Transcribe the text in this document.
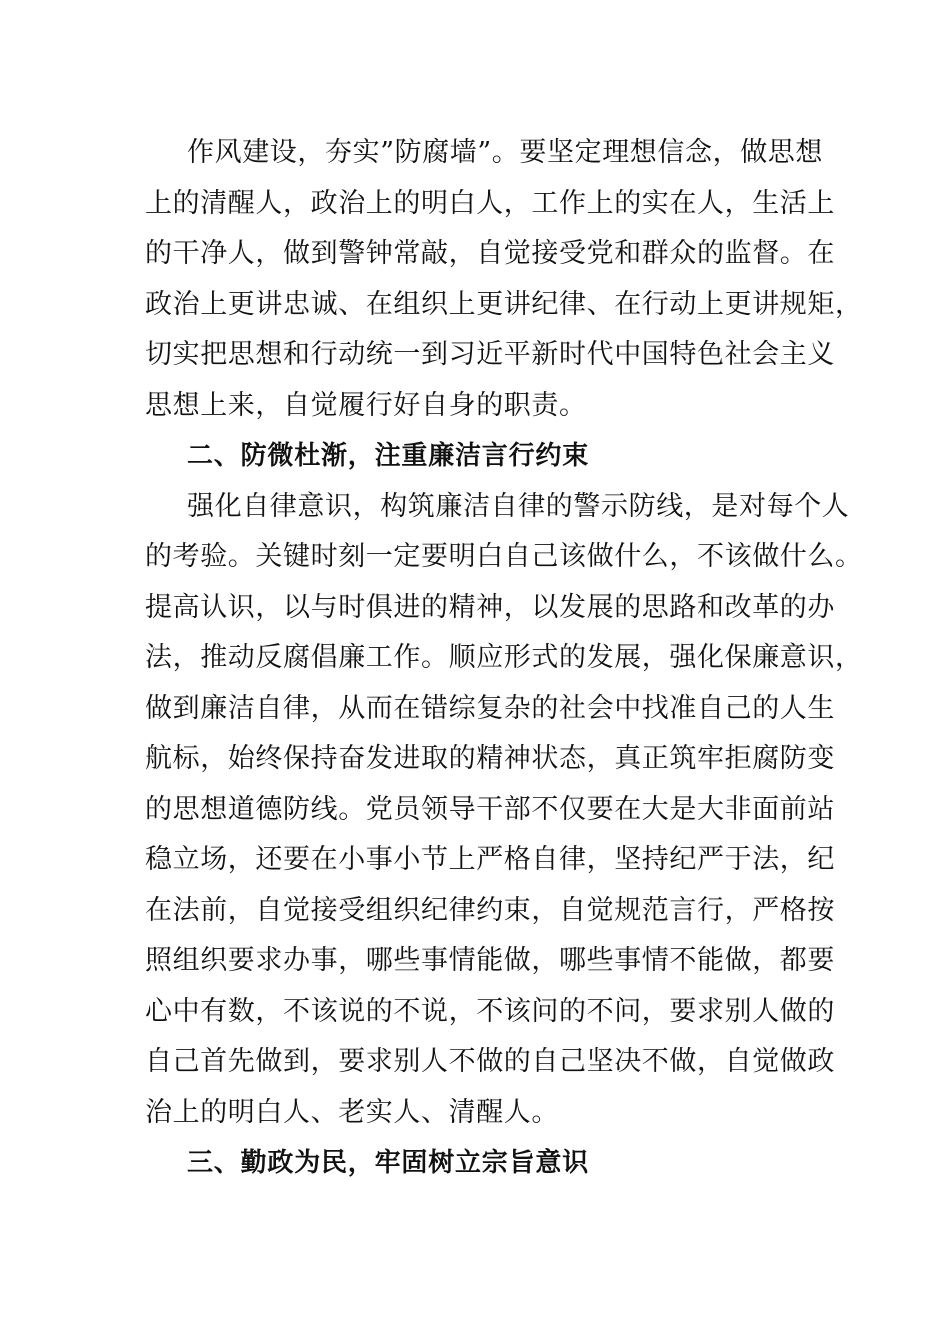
作风建设，夯实”防腐墙”。要坚定理想信念，做思想
上的清醒人，政治上的明白人，工作上的实在人，生活上
的干净人，做到警钟常敲，自觉接受党和群众的监督。在
政治上更讲忠诚、在组织上更讲纪律、在行动上更讲规矩，
切实把思想和行动统一到习近平新时代中国特色社会主义
思想上来，自觉履行好自身的职责。
二、防微杜渐，注重廉洁言行约束
强化自律意识，构筑廉洁自律的警示防线，是对每个人
的考验。关键时刻一定要明白自己该做什么，不该做什么。
提高认识，以与时俱进的精神，以发展的思路和改革的办
法，推动反腐倡廉工作。顺应形式的发展，强化保廉意识，
做到廉洁自律，从而在错综复杂的社会中找准自己的人生
航标，始终保持奋发进取的精神状态，真正筑牢拒腐防变
的思想道德防线。党员领导干部不仅要在大是大非面前站
稳立场，还要在小事小节上严格自律，坚持纪严于法，纪
在法前，自觉接受组织纪律约束，自觉规范言行，严格按
照组织要求办事，哪些事情能做，哪些事情不能做，都要
心中有数，不该说的不说，不该问的不问，要求别人做的
自己首先做到，要求别人不做的自己坚决不做，自觉做政
治上的明白人、老实人、清醒人。
三、勤政为民，牢固树立宗旨意识
